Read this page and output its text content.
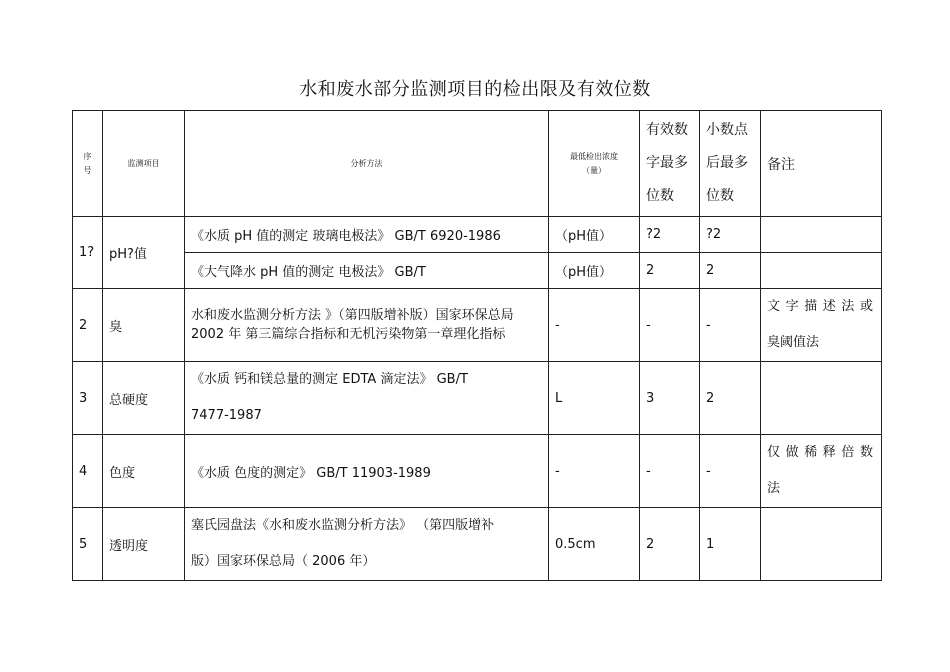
水和废水部分监测项目的检出限及有效位数
序号	监测项目	分析方法	最低检出浓度（量）	有效数字最多位数	小数点后最多位数	备注
1?	pH?值	《水质 pH 值的测定 玻璃电极法》 GB/T 6920-1986	（pH值）	?2	?2	
		《大气降水 pH 值的测定 电极法》 GB/T	（pH值）	2	2	
2	臭	水和废水监测分析方法 》（第四版增补版）国家环保总局 2002 年 第三篇综合指标和无机污染物第一章理化指标	-	-	-	文字描述法或
臭阈值法

3	总硬度	《水质 钙和镁总量的测定 EDTA 滴定法》 GB/T
7477-1987	L	3	2	
4	色度	《水质 色度的测定》 GB/T 11903-1989	-	-	-	仅做稀释倍数
法

5	透明度	塞氏园盘法《水和废水监测分析方法》 （第四版增补
版）国家环保总局（ 2006 年）	0.5cm	2	1	
